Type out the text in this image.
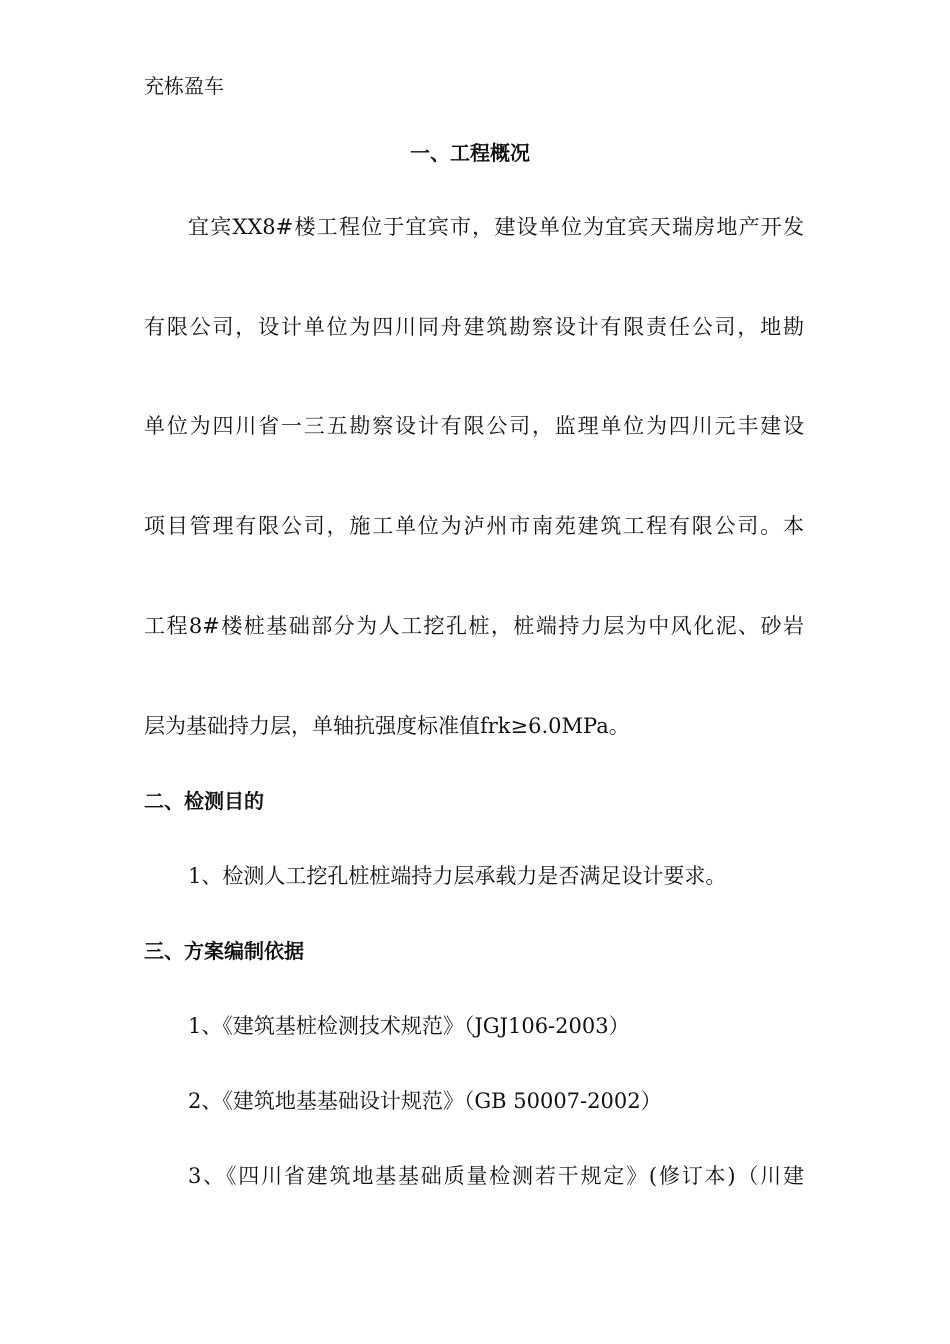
充栋盈车
一、工程概况
宜宾XX8#楼工程位于宜宾市，建设单位为宜宾天瑞房地产开发
有限公司，设计单位为四川同舟建筑勘察设计有限责任公司，地勘
单位为四川省一三五勘察设计有限公司，监理单位为四川元丰建设
项目管理有限公司，施工单位为泸州市南苑建筑工程有限公司。本
工程8#楼桩基础部分为人工挖孔桩，桩端持力层为中风化泥、砂岩
层为基础持力层，单轴抗强度标准值frk≥6.0MPa。
二、检测目的
1、检测人工挖孔桩桩端持力层承载力是否满足设计要求。
三、方案编制依据
1、《建筑基桩检测技术规范》（JGJ106-2003）
2、《建筑地基基础设计规范》（GB 50007-2002）
3、《四川省建筑地基基础质量检测若干规定》(修订本)（川建
